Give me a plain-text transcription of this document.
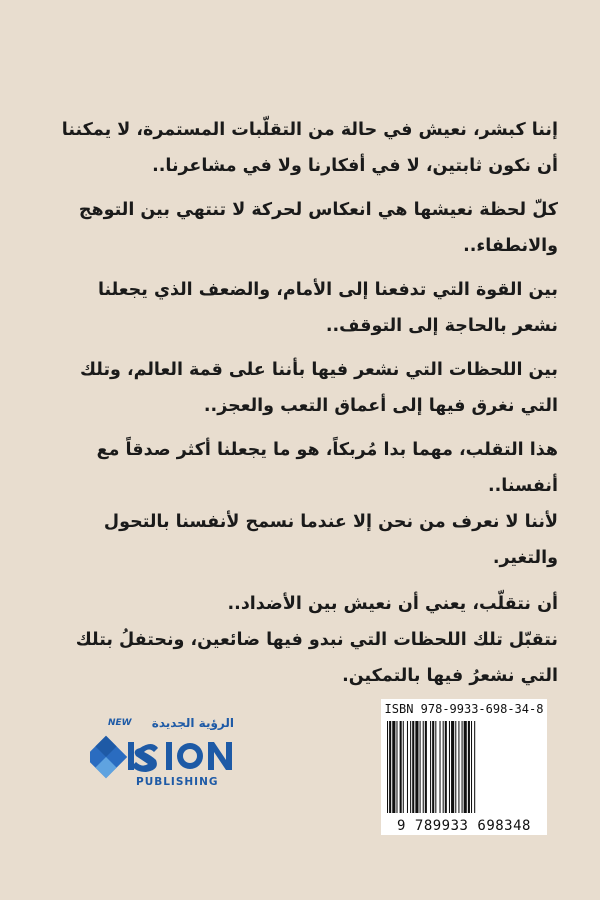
إننا كبشر، نعيش في حالة من التقلّبات المستمرة، لا يمكننا أن نكون ثابتين، لا في أفكارنا ولا في مشاعرنا..

كلّ لحظة نعيشها هي انعكاس لحركة لا تنتهي بين التوهج والانطفاء..

بين القوة التي تدفعنا إلى الأمام، والضعف الذي يجعلنا نشعر بالحاجة إلى التوقف..

بين اللحظات التي نشعر فيها بأننا على قمة العالم، وتلك التي نغرق فيها إلى أعماق التعب والعجز..

هذا التقلب، مهما بدا مُربكاً، هو ما يجعلنا أكثر صدقاً مع أنفسنا..

لأننا لا نعرف من نحن إلا عندما نسمح لأنفسنا بالتحول والتغير.

أن نتقلّب، يعني أن نعيش بين الأضداد..

نتقبّل تلك اللحظات التي نبدو فيها ضائعين، ونحتفلُ بتلك التي نشعرُ فيها بالتمكين.

NEW	الرؤية الجديدة
PUBLISHING
ISBN 978-9933-698-34-8
9 789933 698348
